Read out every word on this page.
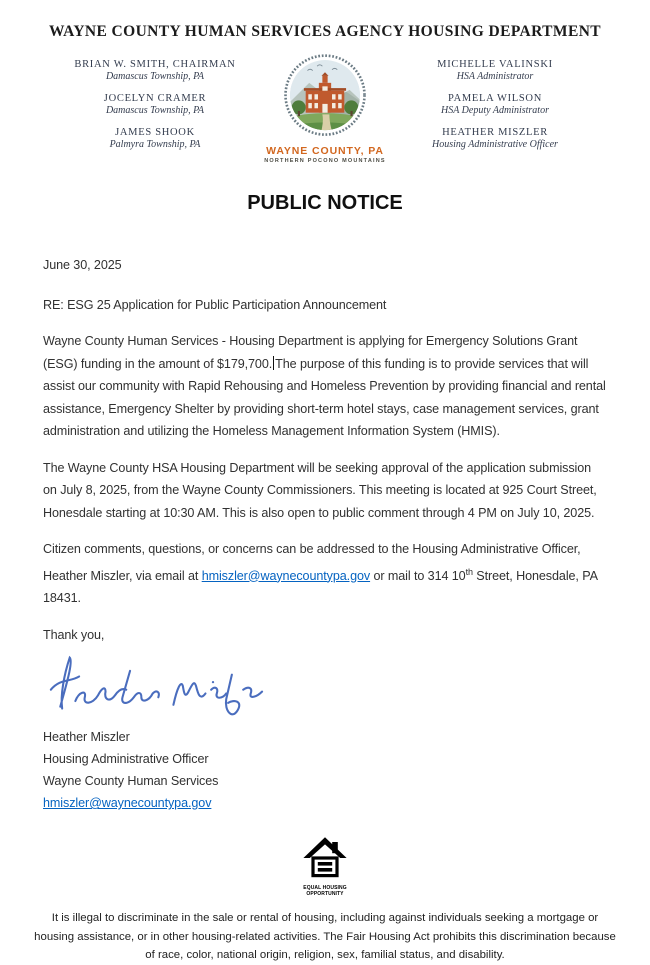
WAYNE COUNTY HUMAN SERVICES AGENCY HOUSING DEPARTMENT
BRIAN W. SMITH, CHAIRMAN
Damascus Township, PA
JOCELYN CRAMER
Damascus Township, PA
JAMES SHOOK
Palmyra Township, PA
WAYNE COUNTY, PA
NORTHERN POCONO MOUNTAINS
MICHELLE VALINSKI
HSA Administrator
PAMELA WILSON
HSA Deputy Administrator
HEATHER MISZLER
Housing Administrative Officer
PUBLIC NOTICE
June 30, 2025
RE: ESG 25 Application for Public Participation Announcement

Wayne County Human Services - Housing Department is applying for Emergency Solutions Grant (ESG) funding in the amount of $179,700. The purpose of this funding is to provide services that will assist our community with Rapid Rehousing and Homeless Prevention by providing financial and rental assistance, Emergency Shelter by providing short-term hotel stays, case management services, grant administration and utilizing the Homeless Management Information System (HMIS).

The Wayne County HSA Housing Department will be seeking approval of the application submission on July 8, 2025, from the Wayne County Commissioners. This meeting is located at 925 Court Street, Honesdale starting at 10:30 AM. This is also open to public comment through 4 PM on July 10, 2025.

Citizen comments, questions, or concerns can be addressed to the Housing Administrative Officer, Heather Miszler, via email at hmiszler@waynecountypa.gov or mail to 314 10th Street, Honesdale, PA 18431.

Thank you,
Heather Miszler
Housing Administrative Officer
Wayne County Human Services
hmiszler@waynecountypa.gov
EQUAL HOUSING
OPPORTUNITY
It is illegal to discriminate in the sale or rental of housing, including against individuals seeking a mortgage or housing assistance, or in other housing-related activities. The Fair Housing Act prohibits this discrimination because of race, color, national origin, religion, sex, familial status, and disability.
